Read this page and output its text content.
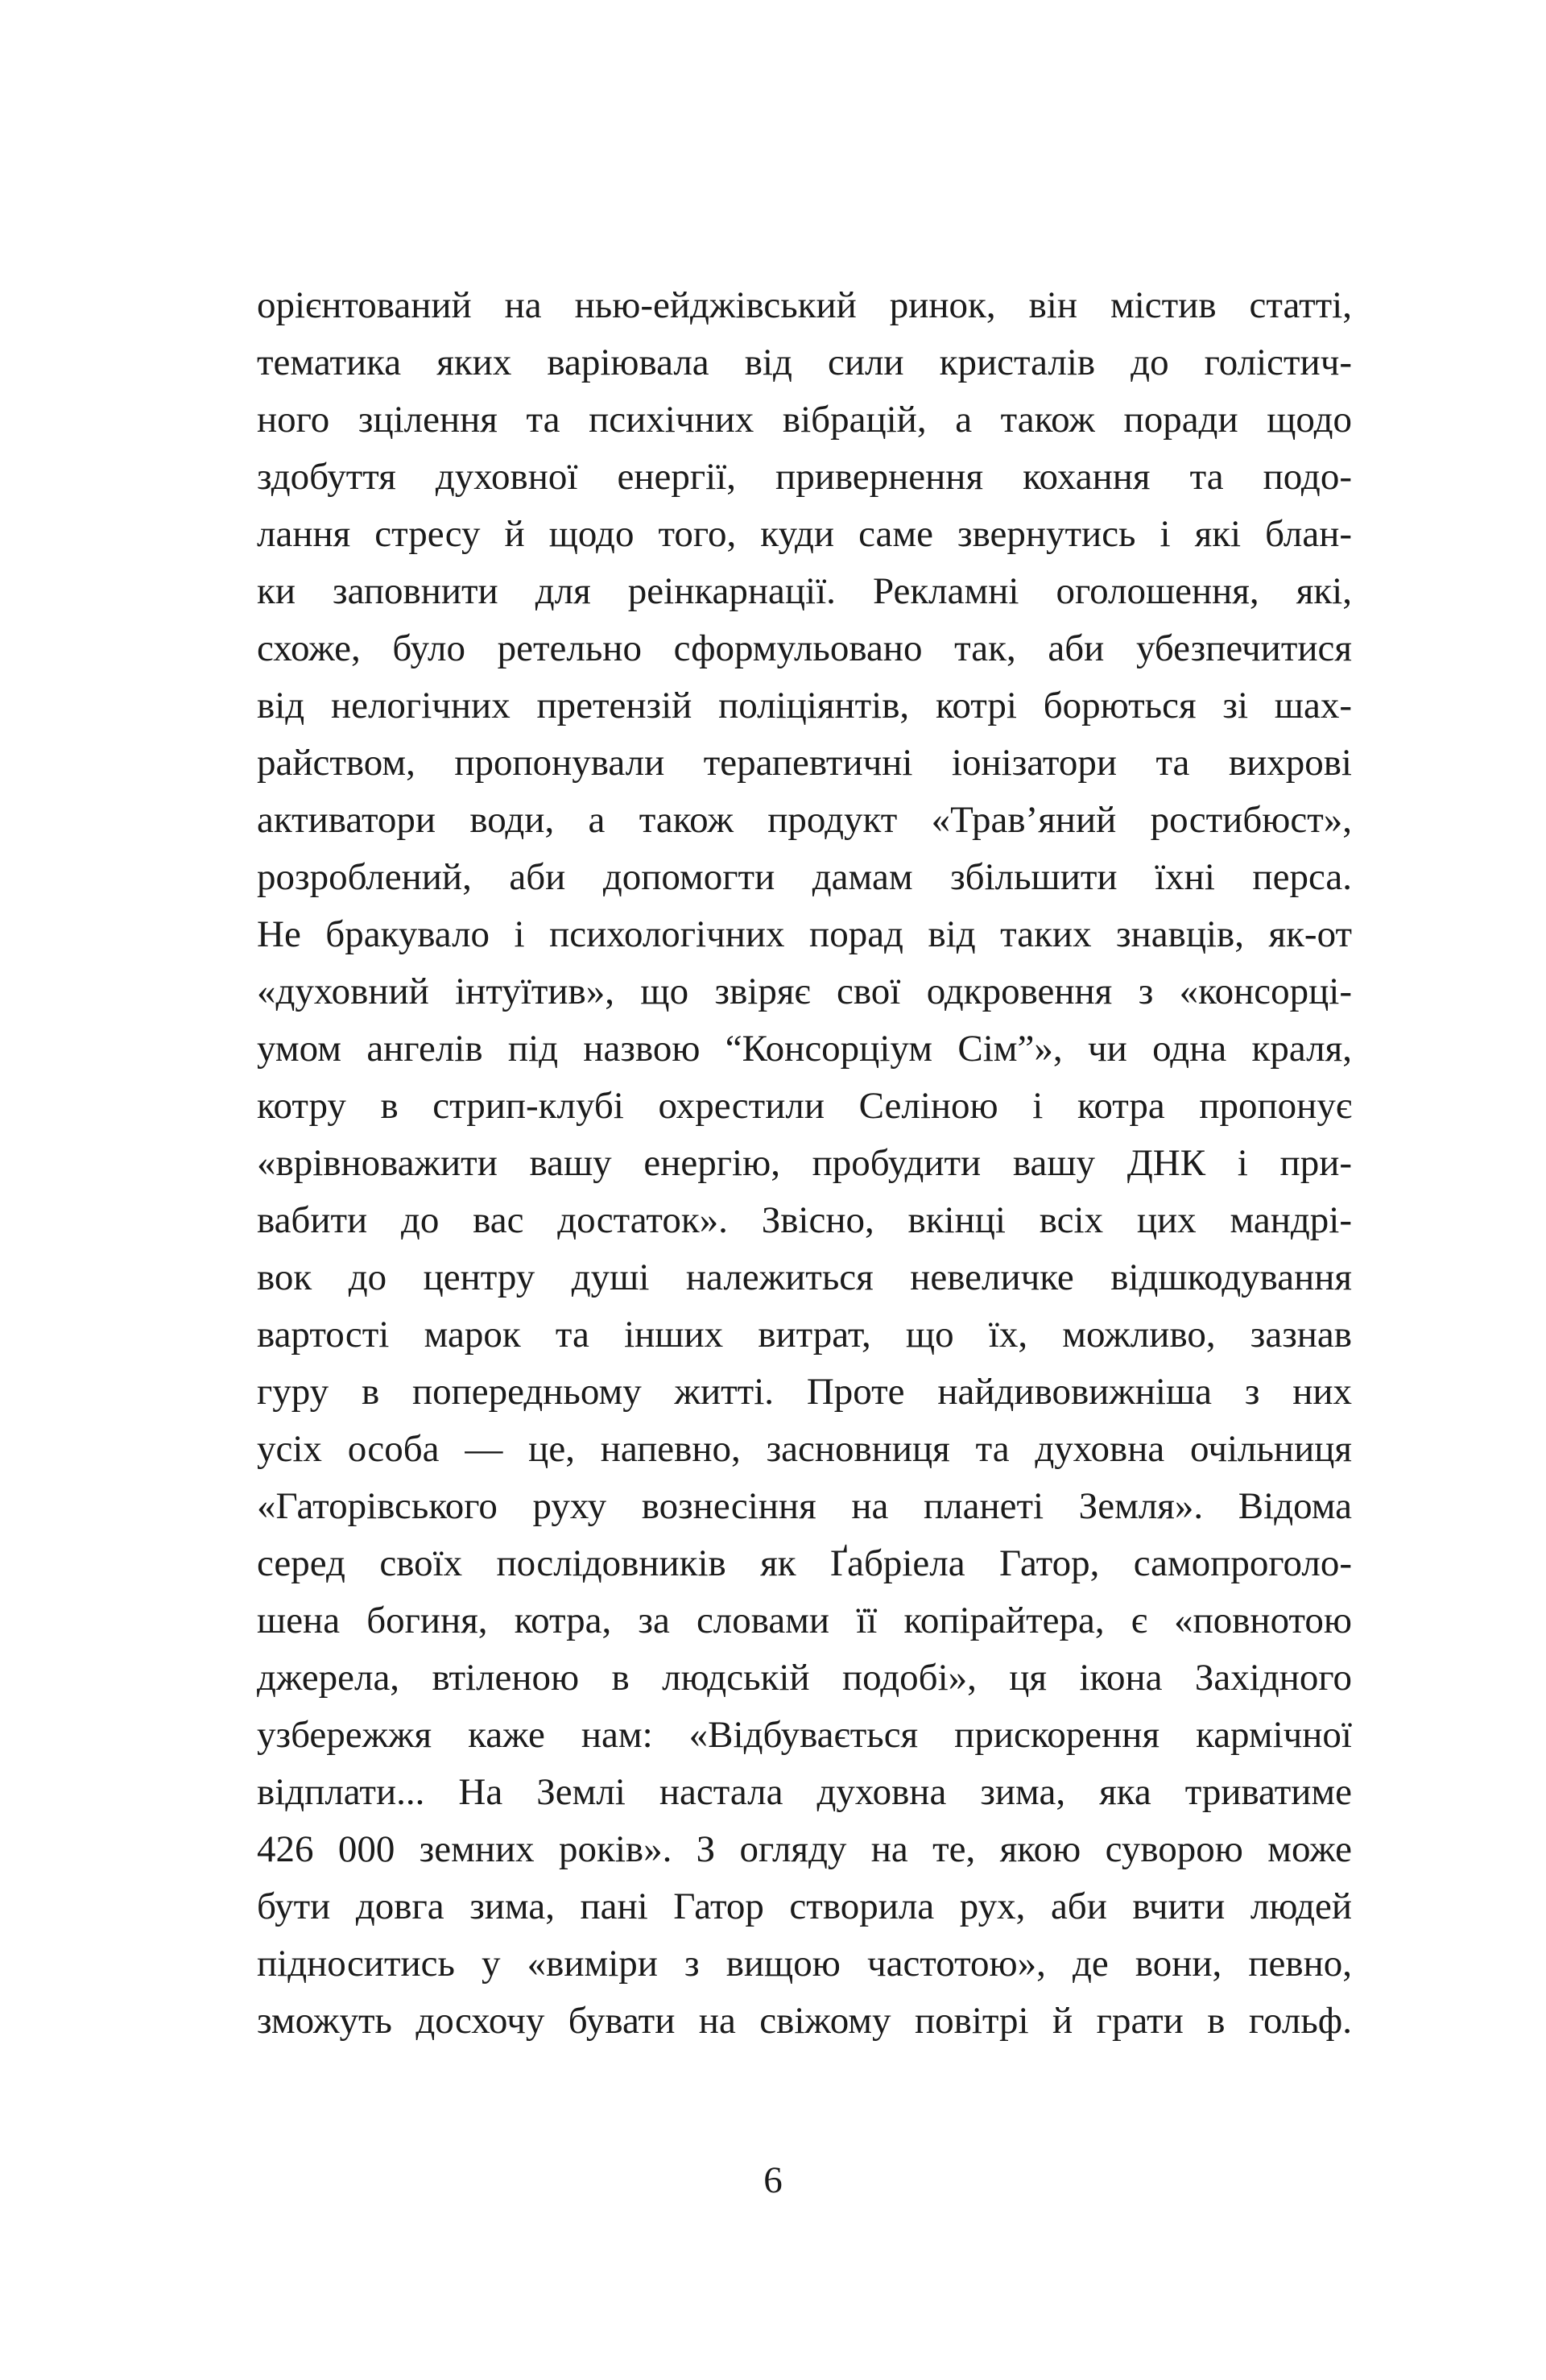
орієнтований на нью-ейджівський ринок, він містив статті,
тематика яких варіювала від сили кристалів до голістич-
ного зцілення та психічних вібрацій, а також поради щодо
здобуття духовної енергії, привернення кохання та подо-
лання стресу й щодо того, куди саме звернутись і які блан-
ки заповнити для реінкарнації. Рекламні оголошення, які,
схоже, було ретельно сформульовано так, аби убезпечитися
від нелогічних претензій поліціянтів, котрі борються зі шах-
райством, пропонували терапевтичні іонізатори та вихрові
активатори води, а також продукт «Трав’яний ростибюст»,
розроблений, аби допомогти дамам збільшити їхні перса.
Не бракувало і психологічних порад від таких знавців, як-от
«духовний інтуїтив», що звіряє свої одкровення з «консорці-
умом ангелів під назвою “Консорціум Сім”», чи одна краля,
котру в стрип-клубі охрестили Селіною і котра пропонує
«врівноважити вашу енергію, пробудити вашу ДНК і при-
вабити до вас достаток». Звісно, вкінці всіх цих мандрі-
вок до центру душі належиться невеличке відшкодування
вартості марок та інших витрат, що їх, можливо, зазнав
гуру в попередньому житті. Проте найдивовижніша з них
усіх особа — це, напевно, засновниця та духовна очільниця
«Гаторівського руху вознесіння на планеті Земля». Відома
серед своїх послідовників як Ґабріела Гатор, самопроголо-
шена богиня, котра, за словами її копірайтера, є «повнотою
джерела, втіленою в людській подобі», ця ікона Західного
узбережжя каже нам: «Відбувається прискорення кармічної
відплати... На Землі настала духовна зима, яка триватиме
426 000 земних років». З огляду на те, якою суворою може
бути довга зима, пані Гатор створила рух, аби вчити людей
підноситись у «виміри з вищою частотою», де вони, певно,
зможуть досхочу бувати на свіжому повітрі й грати в гольф.
6
